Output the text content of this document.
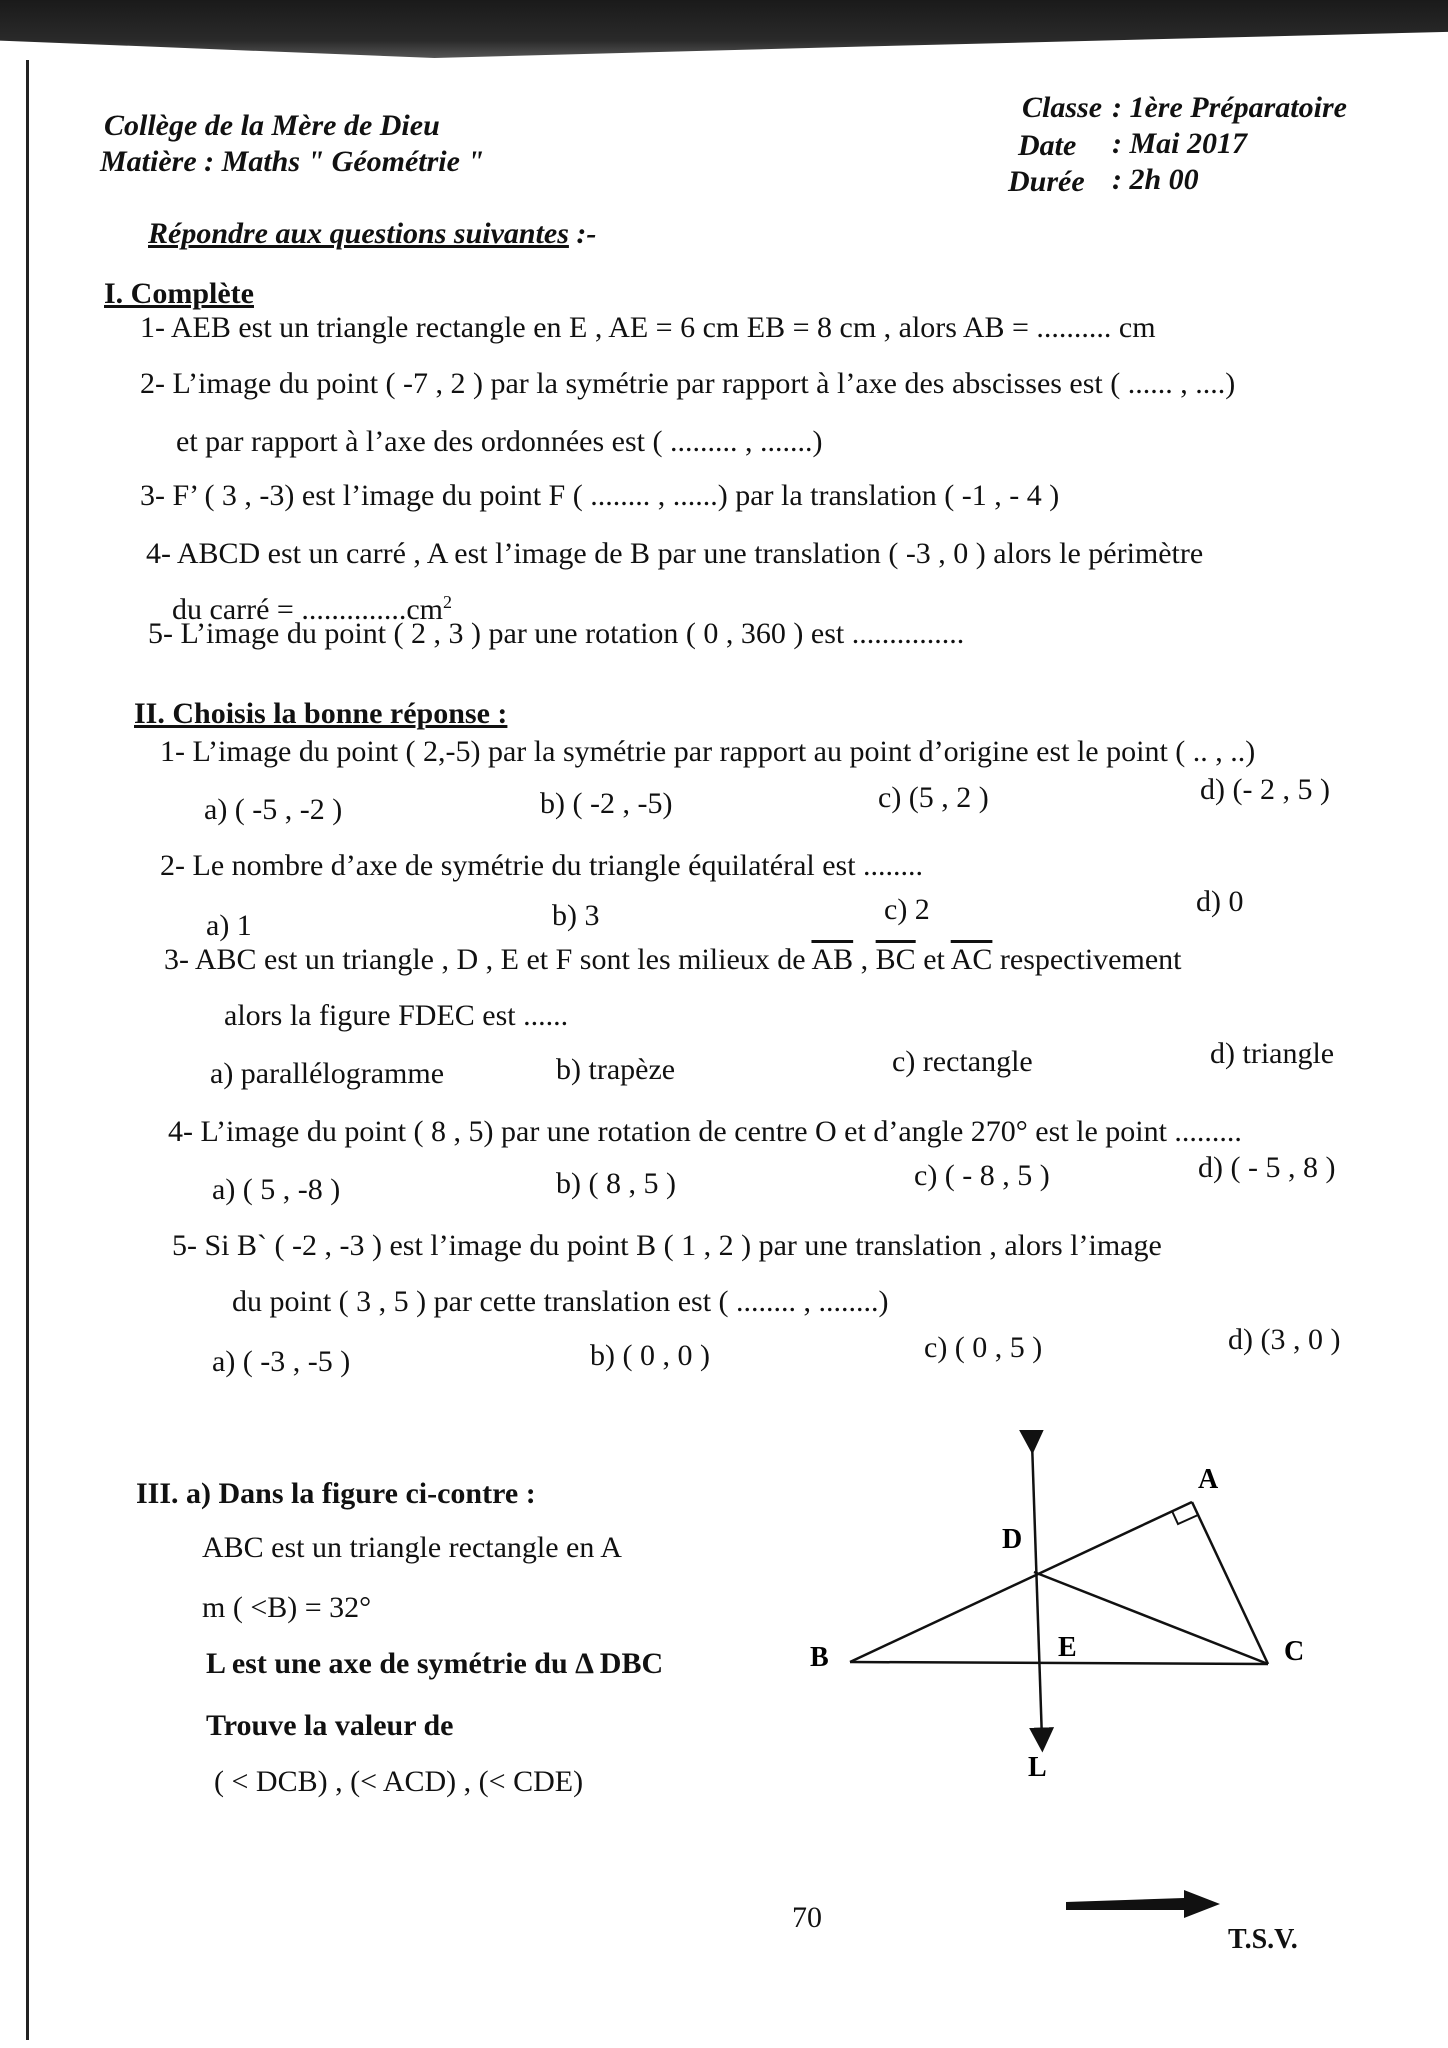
Collège de la Mère de Dieu
Matière : Maths " Géométrie "
Classe : 1ère Préparatoire
Date : Mai 2017
Durée : 2h 00
Répondre aux questions suivantes :-
I. Complète
1- AEB est un triangle rectangle en E , AE = 6 cm EB = 8 cm , alors AB = .......... cm
2- L’image du point ( -7 , 2 ) par la symétrie par rapport à l’axe des abscisses est ( ...... , ....)
et par rapport à l’axe des ordonnées est ( ......... , .......)
3- F’ ( 3 , -3) est l’image du point F ( ........ , ......) par la translation ( -1 , - 4 )
4- ABCD est un carré , A est l’image de B par une translation ( -3 , 0 ) alors le périmètre
du carré = $..............cm^2$
5- L’image du point ( 2 , 3 ) par une rotation ( 0 , 360 ) est ...............
II. Choisis la bonne réponse :
1- L’image du point ( 2,-5) par la symétrie par rapport au point d’origine est le point ( .. , ..)
a) ( -5 , -2 )	b) ( -2 , -5)	c) (5 , 2 )	d) (- 2 , 5 )
2- Le nombre d’axe de symétrie du triangle équilatéral est ........
a) 1	b) 3	c) 2	d) 0
3- ABC est un triangle , D , E et F sont les milieux de $\overline{AB}$ , $\overline{BC}$ et $\overline{AC}$ respectivement
alors la figure FDEC est ......
a) parallélogramme	b) trapèze	c) rectangle	d) triangle
4- L’image du point ( 8 , 5) par une rotation de centre O et d’angle 270° est le point .........
a) ( 5 , -8 )	b) ( 8 , 5 )	c) ( - 8 , 5 )	d) ( - 5 , 8 )
5- Si B` ( -2 , -3 ) est l’image du point B ( 1 , 2 ) par une translation , alors l’image
du point ( 3 , 5 ) par cette translation est ( ........ , ........)
a) ( -3 , -5 )	b) ( 0 , 0 )	c) ( 0 , 5 )	d) (3 , 0 )
III. a) Dans la figure ci-contre :
ABC est un triangle rectangle en A
m ( <B) = 32°
L est une axe de symétrie du Δ DBC
Trouve la valeur de
( < DCB) , (< ACD) , (< CDE)
A
B	C
D
E
L
70
T.S.V.
